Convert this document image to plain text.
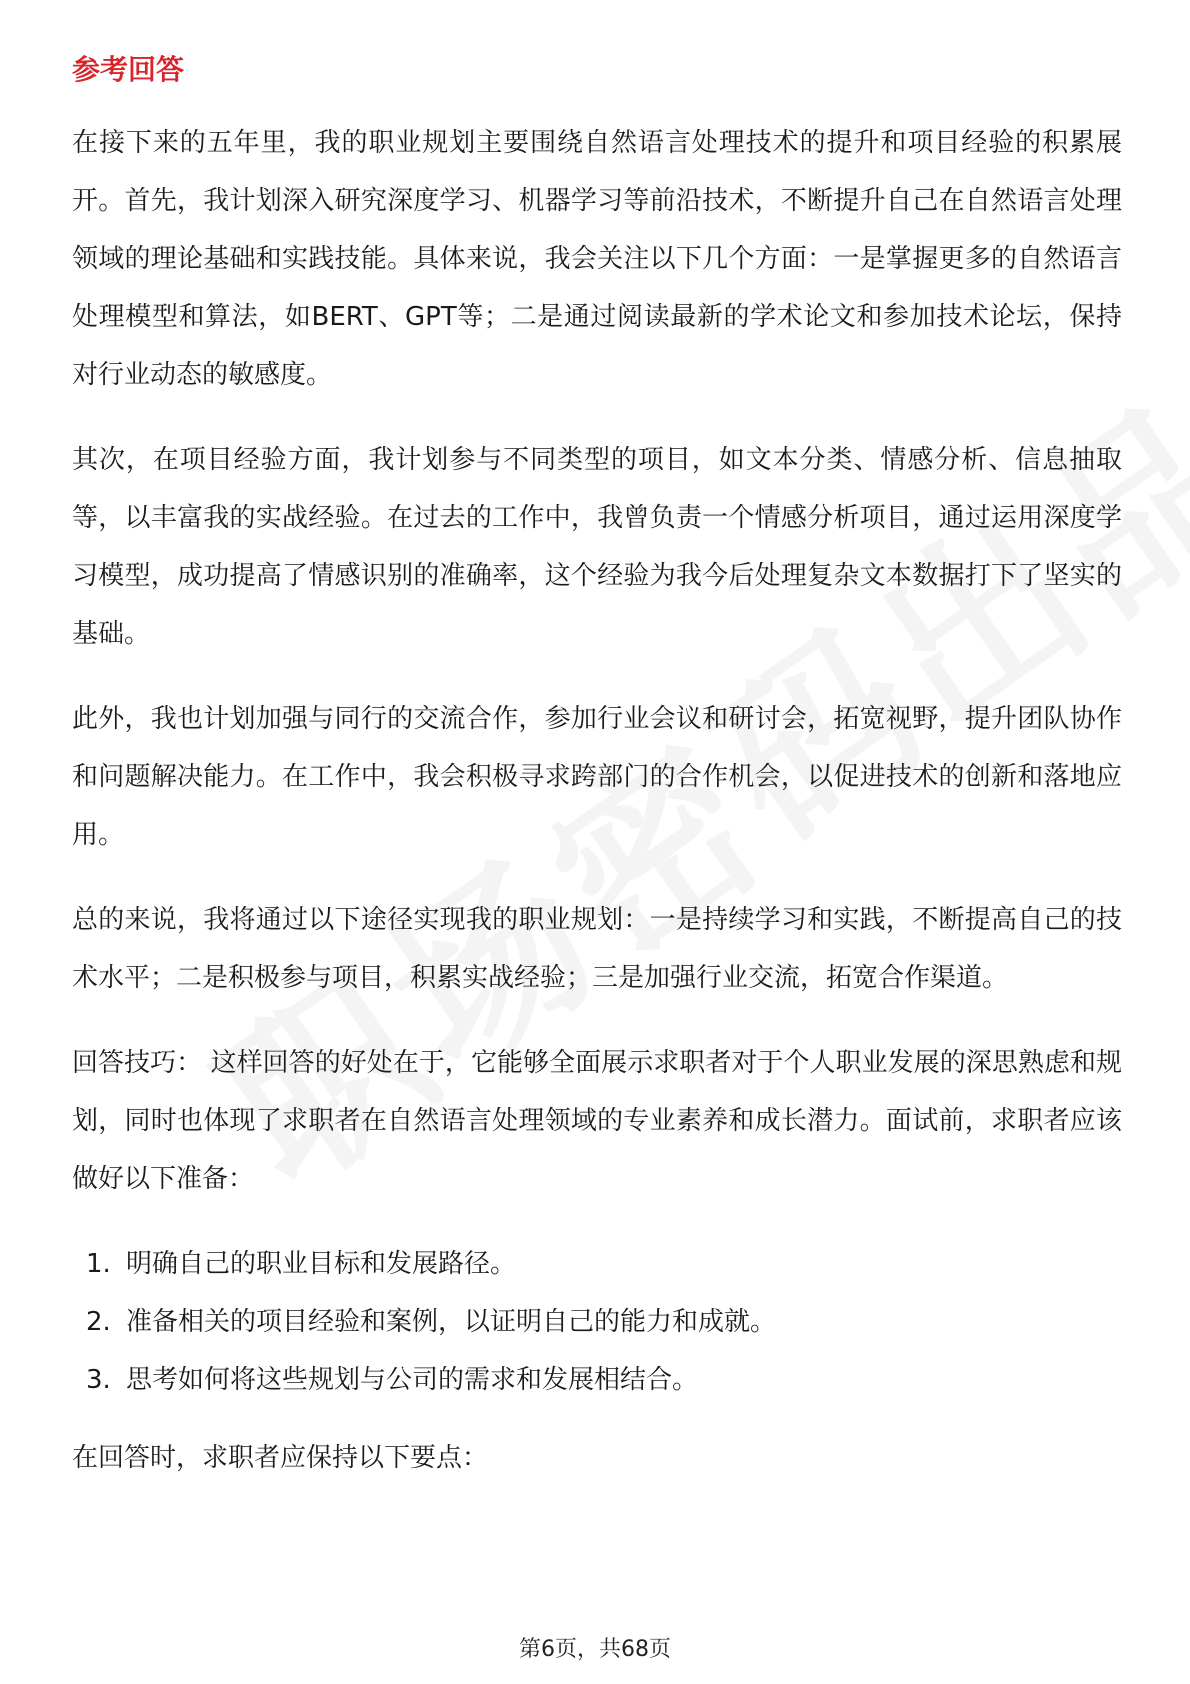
参考回答

在接下来的五年里，我的职业规划主要围绕自然语言处理技术的提升和项目经验的积累展开。首先，我计划深入研究深度学习、机器学习等前沿技术，不断提升自己在自然语言处理领域的理论基础和实践技能。具体来说，我会关注以下几个方面：一是掌握更多的自然语言处理模型和算法，如BERT、GPT等；二是通过阅读最新的学术论文和参加技术论坛，保持对行业动态的敏感度。

其次，在项目经验方面，我计划参与不同类型的项目，如文本分类、情感分析、信息抽取等，以丰富我的实战经验。在过去的工作中，我曾负责一个情感分析项目，通过运用深度学习模型，成功提高了情感识别的准确率，这个经验为我今后处理复杂文本数据打下了坚实的基础。

此外，我也计划加强与同行的交流合作，参加行业会议和研讨会，拓宽视野，提升团队协作和问题解决能力。在工作中，我会积极寻求跨部门的合作机会，以促进技术的创新和落地应用。

总的来说，我将通过以下途径实现我的职业规划：一是持续学习和实践，不断提高自己的技术水平；二是积极参与项目，积累实战经验；三是加强行业交流，拓宽合作渠道。

回答技巧： 这样回答的好处在于，它能够全面展示求职者对于个人职业发展的深思熟虑和规划，同时也体现了求职者在自然语言处理领域的专业素养和成长潜力。面试前，求职者应该做好以下准备：

1. 明确自己的职业目标和发展路径。
2. 准备相关的项目经验和案例，以证明自己的能力和成就。
3. 思考如何将这些规划与公司的需求和发展相结合。

在回答时，求职者应保持以下要点：

第6页，共68页
